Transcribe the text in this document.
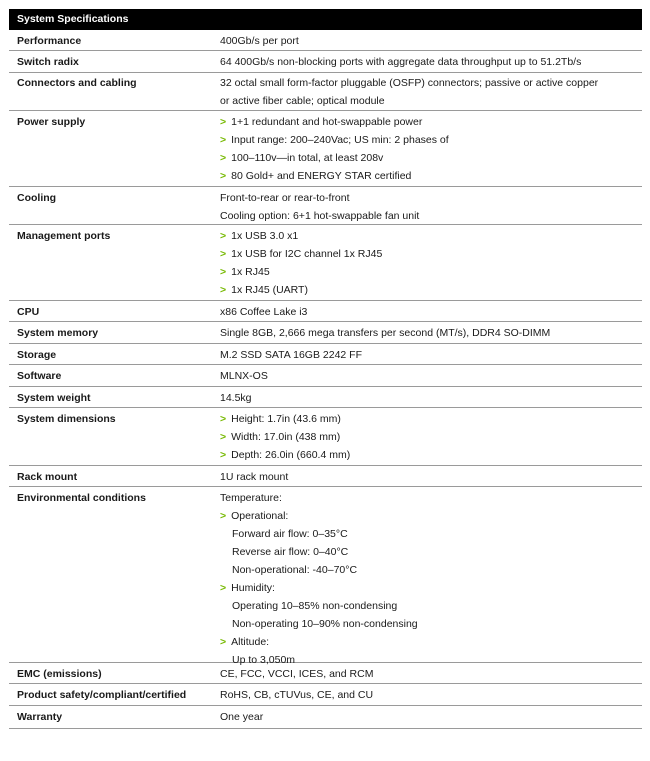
System Specifications
Performance	400Gb/s per port
Switch radix	64 400Gb/s non-blocking ports with aggregate data throughput up to 51.2Tb/s
Connectors and cabling	32 octal small form-factor pluggable (OSFP) connectors; passive or active copper
or active fiber cable; optical module
Power supply	> 1+1 redundant and hot-swappable power
> Input range: 200–240Vac; US min: 2 phases of
> 100–110v—in total, at least 208v
> 80 Gold+ and ENERGY STAR certified
Cooling	Front-to-rear or rear-to-front
Cooling option: 6+1 hot-swappable fan unit
Management ports	> 1x USB 3.0 x1
> 1x USB for I2C channel 1x RJ45
> 1x RJ45
> 1x RJ45 (UART)
CPU	x86 Coffee Lake i3
System memory	Single 8GB, 2,666 mega transfers per second (MT/s), DDR4 SO-DIMM
Storage	M.2 SSD SATA 16GB 2242 FF
Software	MLNX-OS
System weight	14.5kg
System dimensions	> Height: 1.7in (43.6 mm)
> Width: 17.0in (438 mm)
> Depth: 26.0in (660.4 mm)
Rack mount	1U rack mount
Environmental conditions	Temperature:
> Operational:
Forward air flow: 0–35°C
Reverse air flow: 0–40°C
Non-operational: -40–70°C
> Humidity:
Operating 10–85% non-condensing
Non-operating 10–90% non-condensing
> Altitude:
Up to 3,050m
EMC (emissions)	CE, FCC, VCCI, ICES, and RCM
Product safety/compliant/certified	RoHS, CB, cTUVus, CE, and CU
Warranty	One year
